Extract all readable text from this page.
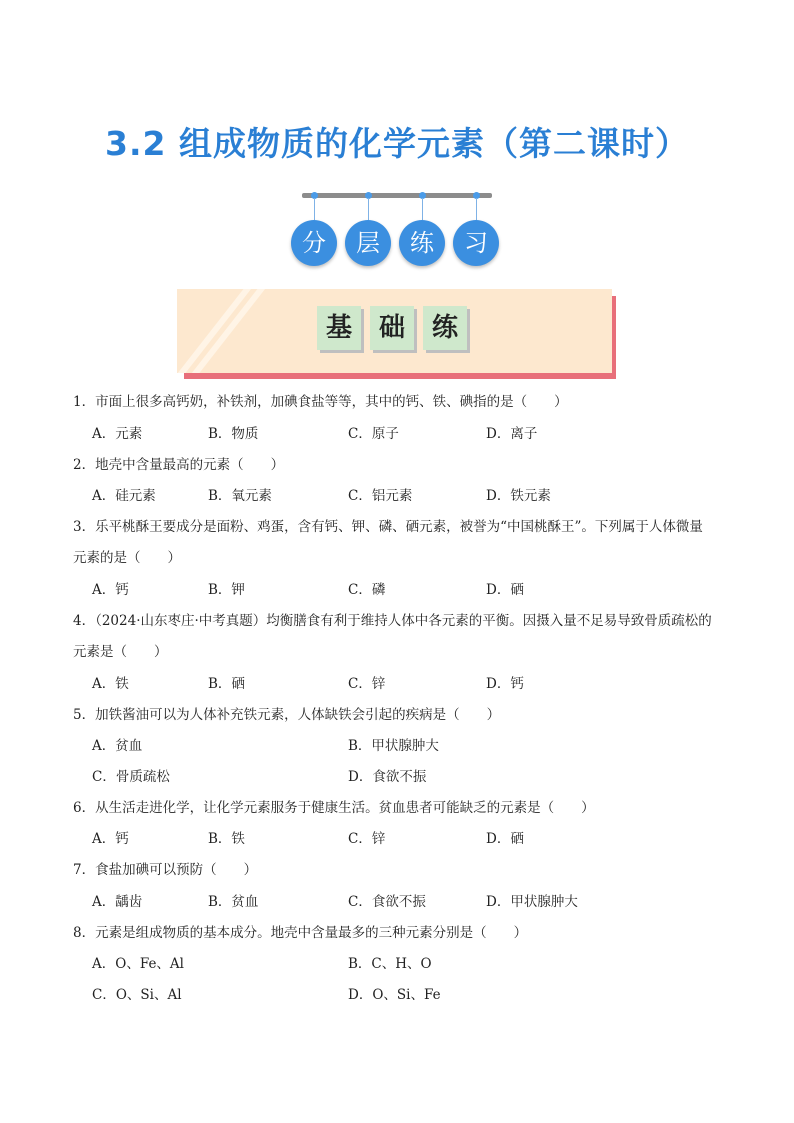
3.2 组成物质的化学元素（第二课时）
分	层	练	习
基	础	练
1．市面上很多高钙奶，补铁剂，加碘食盐等等，其中的钙、铁、碘指的是（　　）
A．元素	B．物质	C．原子	D．离子
2．地壳中含量最高的元素（　　）
A．硅元素	B．氧元素	C．铝元素	D．铁元素
3．乐平桃酥王要成分是面粉、鸡蛋，含有钙、钾、磷、硒元素，被誉为“中国桃酥王”。下列属于人体微量
元素的是（　　）
A．钙	B．钾	C．磷	D．硒
4．（2024·山东枣庄·中考真题）均衡膳食有利于维持人体中各元素的平衡。因摄入量不足易导致骨质疏松的
元素是（　　）
A．铁	B．硒	C．锌	D．钙
5．加铁酱油可以为人体补充铁元素，人体缺铁会引起的疾病是（　　）
A．贫血	B．甲状腺肿大
C．骨质疏松	D．食欲不振
6．从生活走进化学，让化学元素服务于健康生活。贫血患者可能缺乏的元素是（　　）
A．钙	B．铁	C．锌	D．硒
7．食盐加碘可以预防（　　）
A．龋齿	B．贫血	C．食欲不振	D．甲状腺肿大
8．元素是组成物质的基本成分。地壳中含量最多的三种元素分别是（　　）
A．O、Fe、Al	B．C、H、O
C．O、Si、Al	D．O、Si、Fe
